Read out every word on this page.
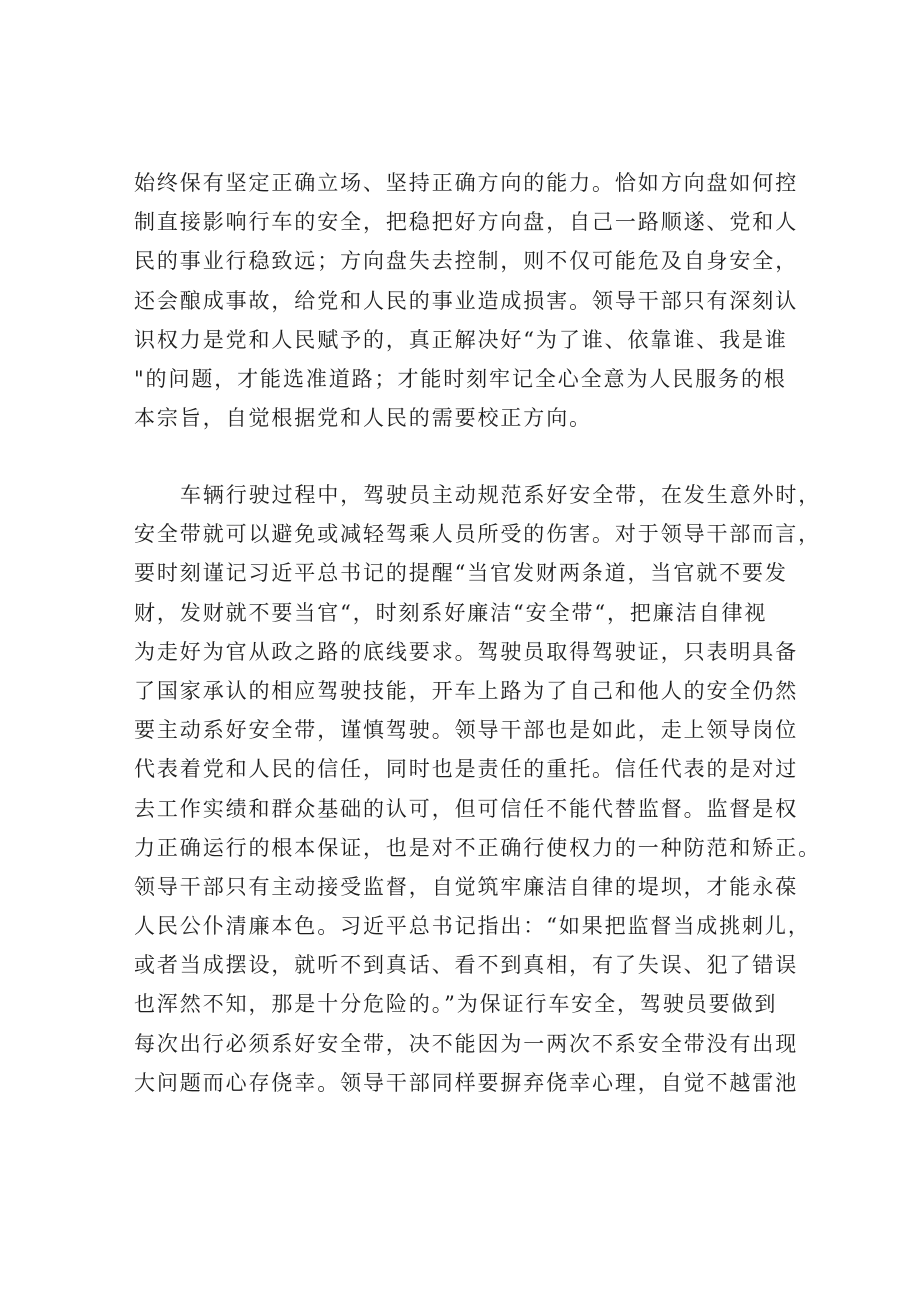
始终保有坚定正确立场、坚持正确方向的能力。恰如方向盘如何控
制直接影响行车的安全，把稳把好方向盘，自己一路顺遂、党和人
民的事业行稳致远；方向盘失去控制，则不仅可能危及自身安全，
还会酿成事故，给党和人民的事业造成损害。领导干部只有深刻认
识权力是党和人民赋予的，真正解决好“为了谁、依靠谁、我是谁
"的问题，才能选准道路；才能时刻牢记全心全意为人民服务的根
本宗旨，自觉根据党和人民的需要校正方向。
车辆行驶过程中，驾驶员主动规范系好安全带，在发生意外时，
安全带就可以避免或减轻驾乘人员所受的伤害。对于领导干部而言，
要时刻谨记习近平总书记的提醒“当官发财两条道，当官就不要发
财，发财就不要当官“，时刻系好廉洁“安全带“，把廉洁自律视
为走好为官从政之路的底线要求。驾驶员取得驾驶证，只表明具备
了国家承认的相应驾驶技能，开车上路为了自己和他人的安全仍然
要主动系好安全带，谨慎驾驶。领导干部也是如此，走上领导岗位
代表着党和人民的信任，同时也是责任的重托。信任代表的是对过
去工作实绩和群众基础的认可，但可信任不能代替监督。监督是权
力正确运行的根本保证，也是对不正确行使权力的一种防范和矫正。
领导干部只有主动接受监督，自觉筑牢廉洁自律的堤坝，才能永葆
人民公仆清廉本色。习近平总书记指出：“如果把监督当成挑刺儿，
或者当成摆设，就听不到真话、看不到真相，有了失误、犯了错误
也浑然不知，那是十分危险的。”为保证行车安全，驾驶员要做到
每次出行必须系好安全带，决不能因为一两次不系安全带没有出现
大问题而心存侥幸。领导干部同样要摒弃侥幸心理，自觉不越雷池
